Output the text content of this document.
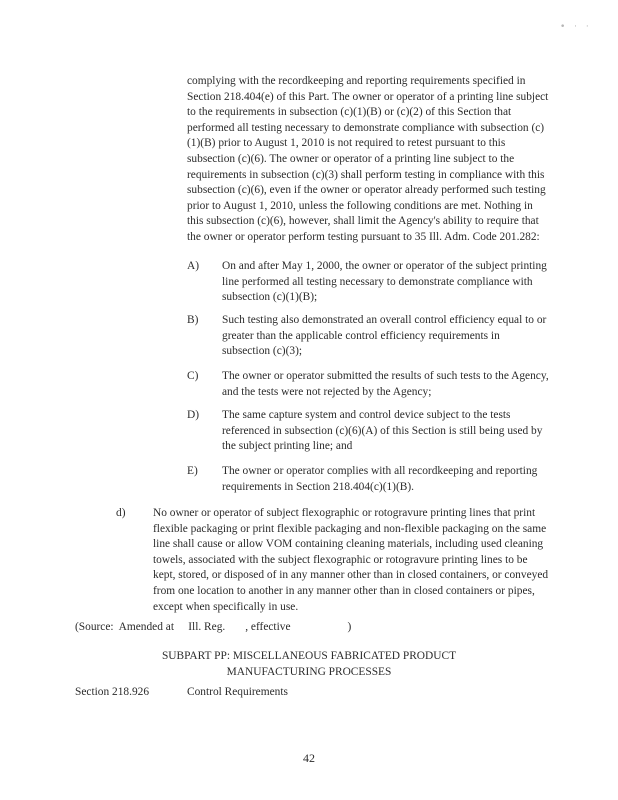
• · ·

complying with the recordkeeping and reporting requirements specified in Section 218.404(e) of this Part. The owner or operator of a printing line subject to the requirements in subsection (c)(1)(B) or (c)(2) of this Section that performed all testing necessary to demonstrate compliance with subsection (c)(1)(B) prior to August 1, 2010 is not required to retest pursuant to this subsection (c)(6). The owner or operator of a printing line subject to the requirements in subsection (c)(3) shall perform testing in compliance with this subsection (c)(6), even if the owner or operator already performed such testing prior to August 1, 2010, unless the following conditions are met. Nothing in this subsection (c)(6), however, shall limit the Agency's ability to require that the owner or operator perform testing pursuant to 35 Ill. Adm. Code 201.282:

A) On and after May 1, 2000, the owner or operator of the subject printing line performed all testing necessary to demonstrate compliance with subsection (c)(1)(B);
B) Such testing also demonstrated an overall control efficiency equal to or greater than the applicable control efficiency requirements in subsection (c)(3);
C) The owner or operator submitted the results of such tests to the Agency, and the tests were not rejected by the Agency;
D) The same capture system and control device subject to the tests referenced in subsection (c)(6)(A) of this Section is still being used by the subject printing line; and
E) The owner or operator complies with all recordkeeping and reporting requirements in Section 218.404(c)(1)(B).
d) No owner or operator of subject flexographic or rotogravure printing lines that print flexible packaging or print flexible packaging and non-flexible packaging on the same line shall cause or allow VOM containing cleaning materials, including used cleaning towels, associated with the subject flexographic or rotogravure printing lines to be kept, stored, or disposed of in any manner other than in closed containers, or conveyed from one location to another in any manner other than in closed containers or pipes, except when specifically in use.
(Source:  Amended at     Ill. Reg.       , effective                    )
SUBPART PP: MISCELLANEOUS FABRICATED PRODUCT
MANUFACTURING PROCESSES
Section 218.926	Control Requirements
42
